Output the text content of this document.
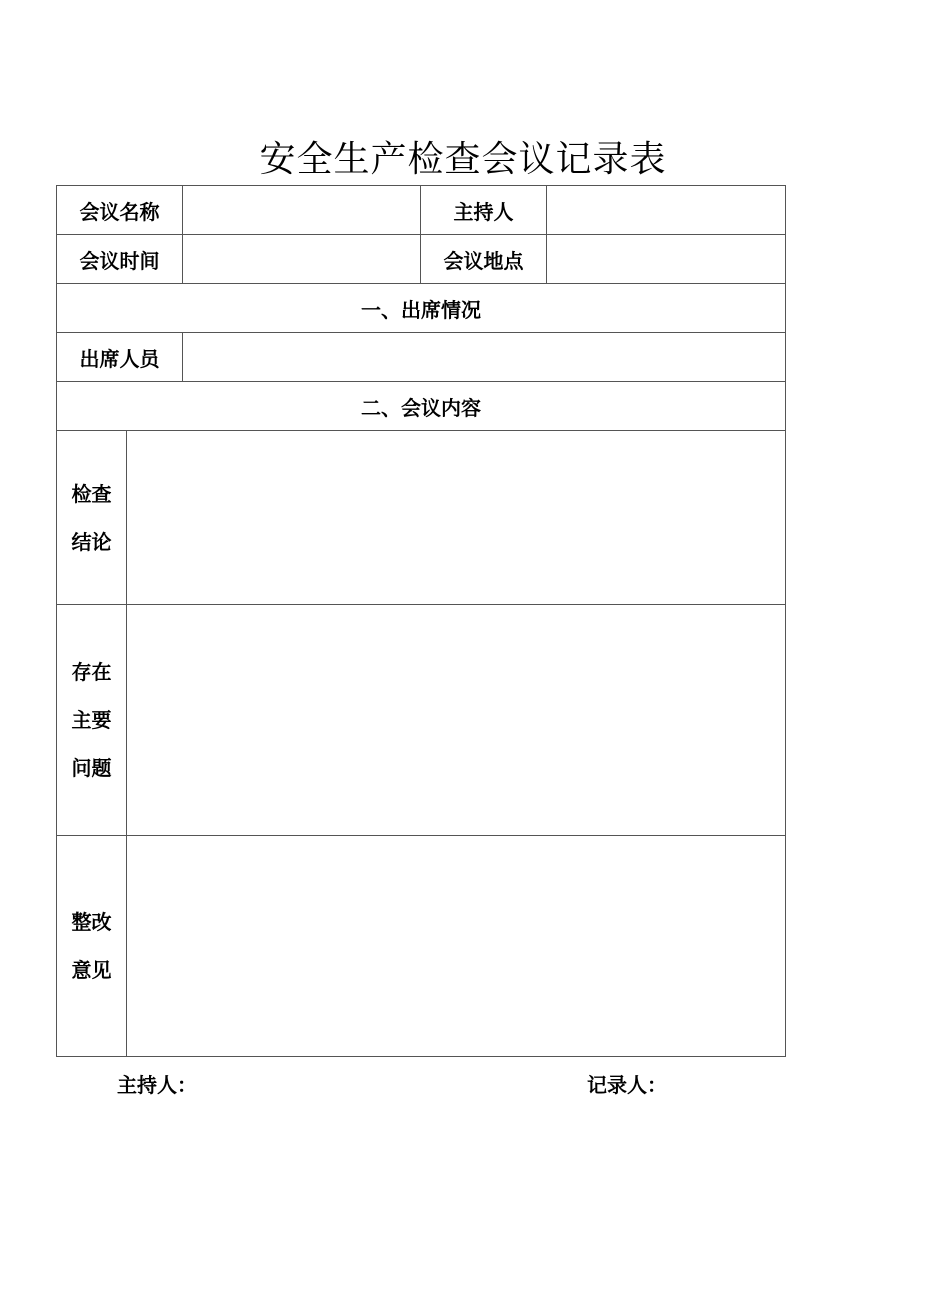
安全生产检查会议记录表
会议名称			主持人	
会议时间			会议地点	
一、出席情况				
出席人员				
二、会议内容				

检查
结论				

存在
主要
问题				

整改
意见				

主持人：	记录人：
